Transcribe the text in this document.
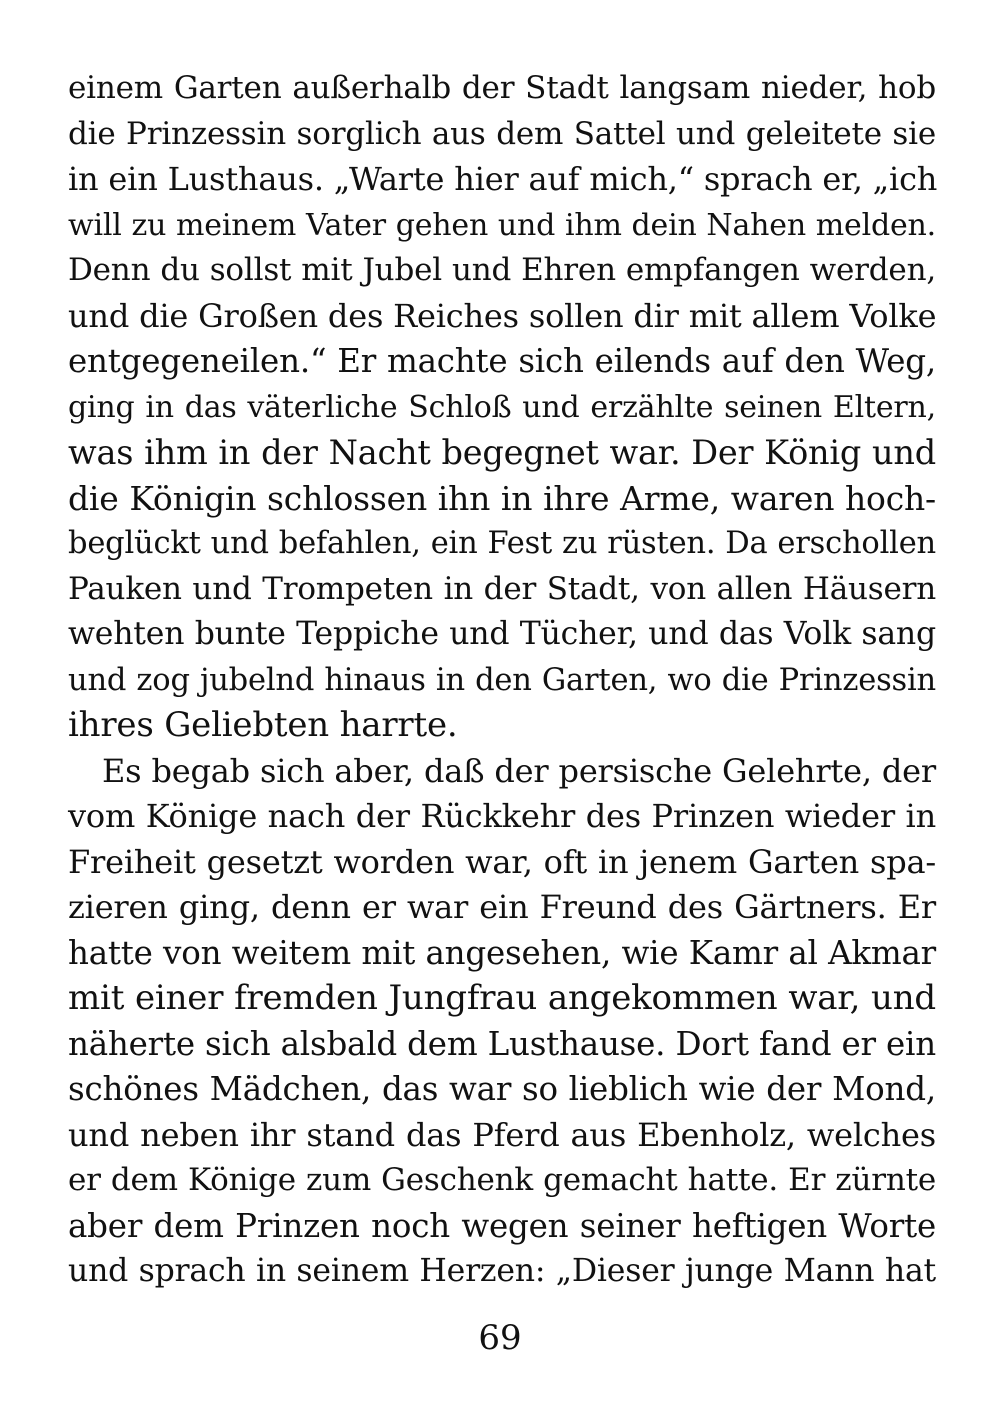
einem Garten außerhalb der Stadt langsam nieder, hob
die Prinzessin sorglich aus dem Sattel und geleitete sie
in ein Lusthaus. „Warte hier auf mich,“ sprach er, „ich
will zu meinem Vater gehen und ihm dein Nahen melden.
Denn du sollst mit Jubel und Ehren empfangen werden,
und die Großen des Reiches sollen dir mit allem Volke
entgegeneilen.“ Er machte sich eilends auf den Weg,
ging in das väterliche Schloß und erzählte seinen Eltern,
was ihm in der Nacht begegnet war. Der König und
die Königin schlossen ihn in ihre Arme, waren hoch-
beglückt und befahlen, ein Fest zu rüsten. Da erschollen
Pauken und Trompeten in der Stadt, von allen Häusern
wehten bunte Teppiche und Tücher, und das Volk sang
und zog jubelnd hinaus in den Garten, wo die Prinzessin
ihres Geliebten harrte.
Es begab sich aber, daß der persische Gelehrte, der
vom Könige nach der Rückkehr des Prinzen wieder in
Freiheit gesetzt worden war, oft in jenem Garten spa-
zieren ging, denn er war ein Freund des Gärtners. Er
hatte von weitem mit angesehen, wie Kamr al Akmar
mit einer fremden Jungfrau angekommen war, und
näherte sich alsbald dem Lusthause. Dort fand er ein
schönes Mädchen, das war so lieblich wie der Mond,
und neben ihr stand das Pferd aus Ebenholz, welches
er dem Könige zum Geschenk gemacht hatte. Er zürnte
aber dem Prinzen noch wegen seiner heftigen Worte
und sprach in seinem Herzen: „Dieser junge Mann hat
69
